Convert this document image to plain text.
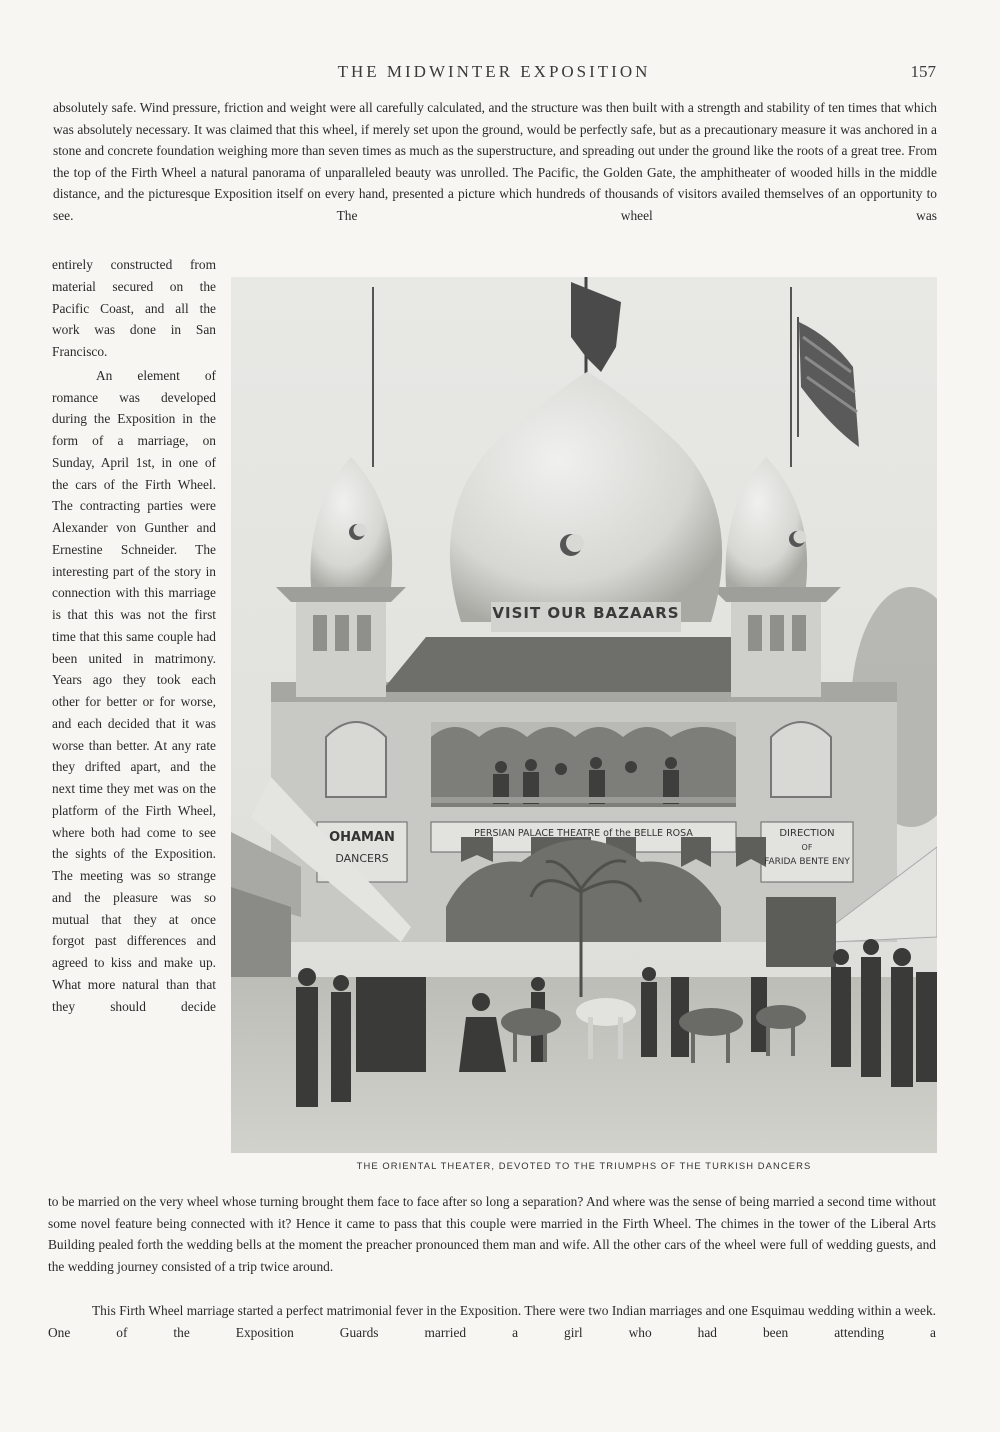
THE MIDWINTER EXPOSITION	157

absolutely safe. Wind pressure, friction and weight were all carefully calculated, and the structure was then built with a strength and stability of ten times that which was absolutely necessary. It was claimed that this wheel, if merely set upon the ground, would be perfectly safe, but as a precautionary measure it was anchored in a stone and concrete foundation weighing more than seven times as much as the superstructure, and spreading out under the ground like the roots of a great tree. From the top of the Firth Wheel a natural panorama of unparalleled beauty was unrolled. The Pacific, the Golden Gate, the amphitheater of wooded hills in the middle distance, and the picturesque Exposition itself on every hand, presented a picture which hundreds of thousands of visitors availed themselves of an opportunity to see. The wheel was

entirely constructed from material secured on the Pacific Coast, and all the work was done in San Francisco.

An element of romance was developed during the Exposition in the form of a marriage, on Sunday, April 1st, in one of the cars of the Firth Wheel. The contracting parties were Alexander von Gunther and Ernestine Schneider. The interesting part of the story in connection with this marriage is that this was not the first time that this same couple had been united in matrimony. Years ago they took each other for better or for worse, and each decided that it was worse than better. At any rate they drifted apart, and the next time they met was on the platform of the Firth Wheel, where both had come to see the sights of the Exposition. The meeting was so strange and the pleasure was so mutual that they at once forgot past differences and agreed to kiss and make up. What more natural than that they should decide

THE ORIENTAL THEATER, DEVOTED TO THE TRIUMPHS OF THE TURKISH DANCERS

to be married on the very wheel whose turning brought them face to face after so long a separation? And where was the sense of being married a second time without some novel feature being connected with it? Hence it came to pass that this couple were married in the Firth Wheel. The chimes in the tower of the Liberal Arts Building pealed forth the wedding bells at the moment the preacher pronounced them man and wife. All the other cars of the wheel were full of wedding guests, and the wedding journey consisted of a trip twice around.

This Firth Wheel marriage started a perfect matrimonial fever in the Exposition. There were two Indian marriages and one Esquimau wedding within a week. One of the Exposition Guards married a girl who had been attending a

VISIT OUR BAZAARS
PERSIAN PALACE THEATRE of the BELLE ROSA
OHAMAN
DANCERS
DIRECTION
OF
FARIDA BENTE ENY
